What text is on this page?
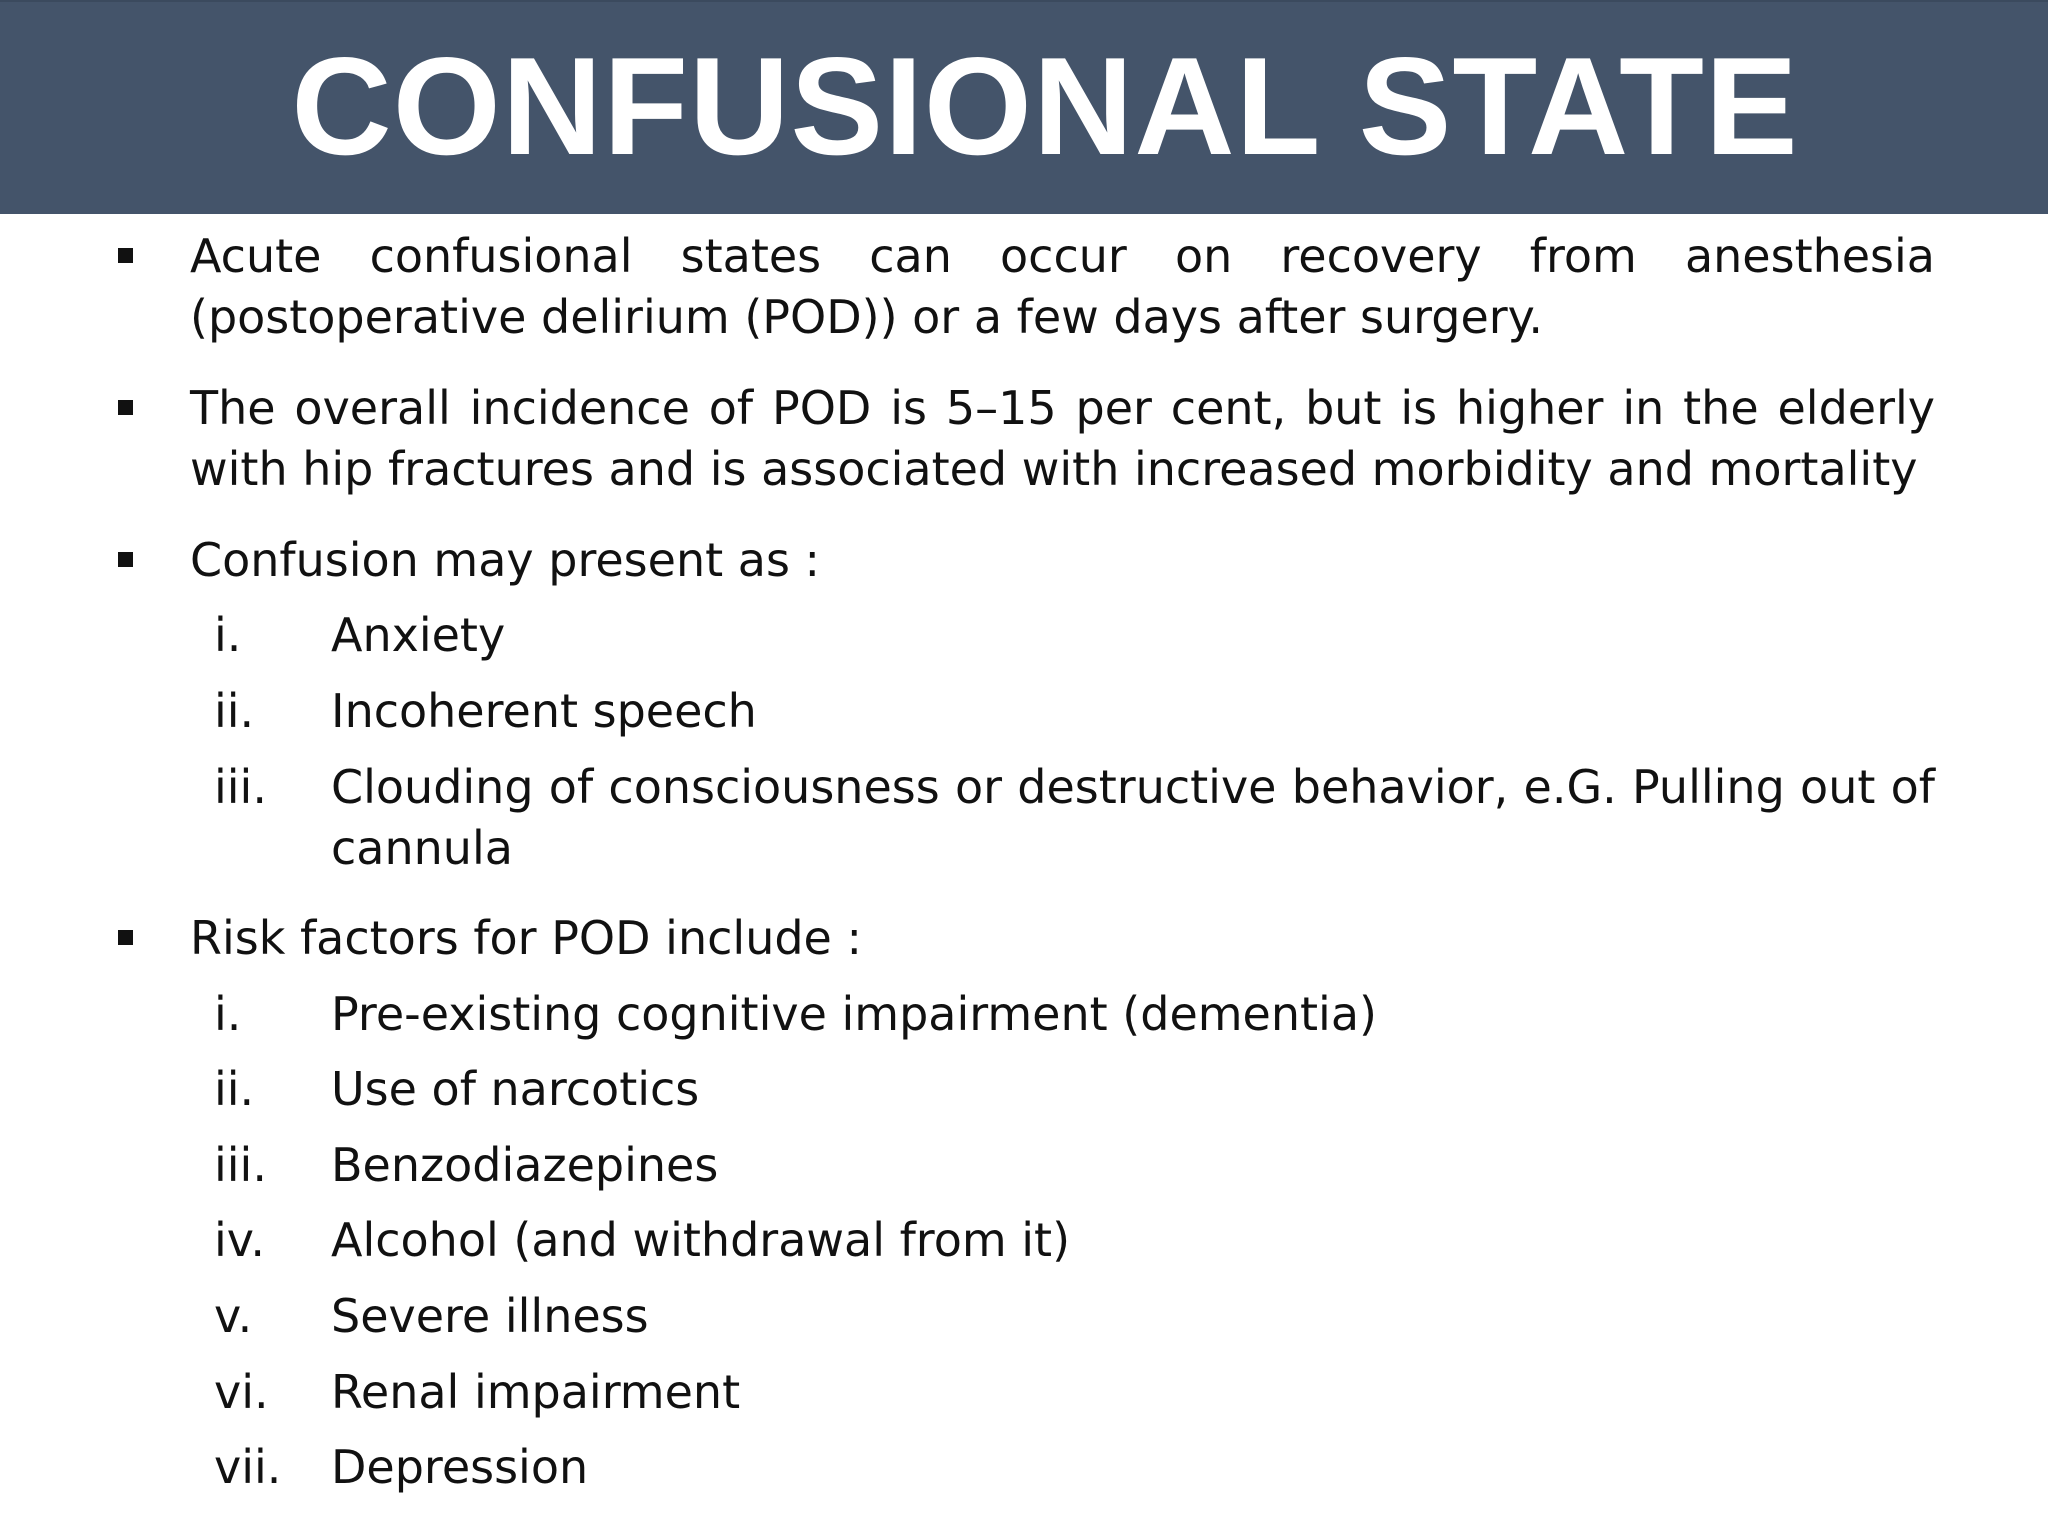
CONFUSIONAL STATE

Acute confusional states can occur on recovery from anesthesia

(postoperative delirium (POD)) or a few days after surgery.

The overall incidence of POD is 5–15 per cent, but is higher in the elderly

with hip fractures and is associated with increased morbidity and mortality

Confusion may present as :

i. Anxiety

ii. Incoherent speech

iii. Clouding of consciousness or destructive behavior, e.G. Pulling out of

cannula

Risk factors for POD include :

i. Pre-existing cognitive impairment (dementia)

ii. Use of narcotics

iii. Benzodiazepines

iv. Alcohol (and withdrawal from it)

v. Severe illness

vi. Renal impairment

vii. Depression
